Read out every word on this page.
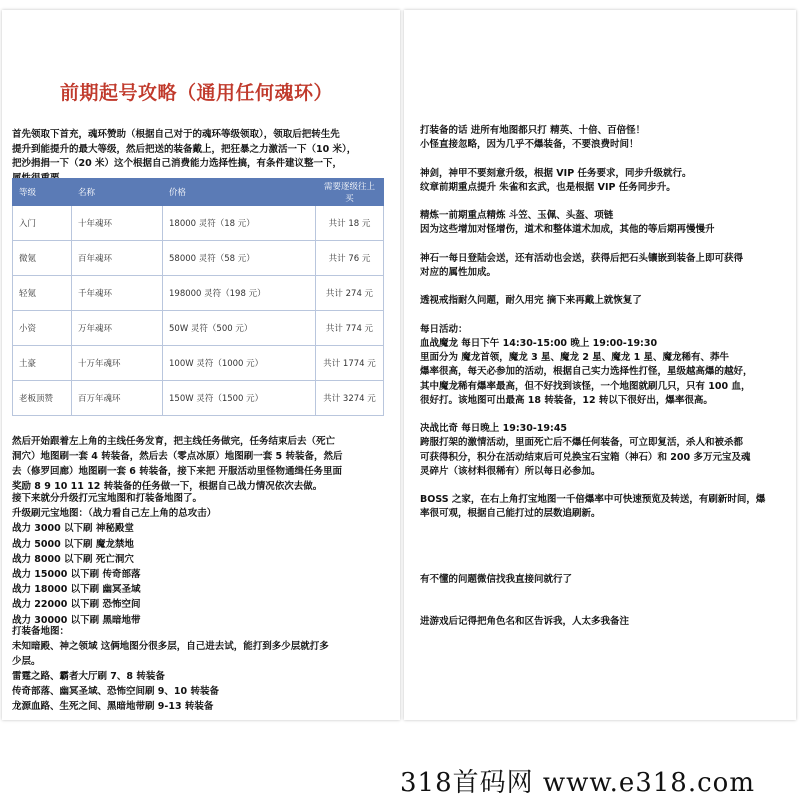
前期起号攻略（通用任何魂环）
首先领取下首充，魂环赞助（根据自己对于的魂环等级领取），领取后把转生先
提升到能提升的最大等级，然后把送的装备戴上，把狂暴之力激活一下（10 米），
把沙捐捐一下（20 米）这个根据自己消费能力选择性搞，有条件建议整一下，
等级	名称	价格	需要逐级往上买
入门	十年魂环	18000 灵符（18 元）	共计 18 元
微氪	百年魂环	58000 灵符（58 元）	共计 76 元
轻氪	千年魂环	198000 灵符（198 元）	共计 274 元
小资	万年魂环	50W 灵符（500 元）	共计 774 元
土豪	十万年魂环	100W 灵符（1000 元）	共计 1774 元
老板顶赞	百万年魂环	150W 灵符（1500 元）	共计 3274 元
然后开始跟着左上角的主线任务发育，把主线任务做完，任务结束后去（死亡
洞穴）地图刷一套 4 转装备，然后去（零点冰原）地图刷一套 5 转装备，然后
去（修罗回廊）地图刷一套 6 转装备，接下来把 开服活动里怪物通缉任务里面
奖励 8 9 10 11 12 转装备的任务做一下，根据自己战力情况依次去做。
接下来就分升级打元宝地图和打装备地图了。
升级刷元宝地图：（战力看自己左上角的总攻击）
战力 3000 以下刷 神秘殿堂
战力 5000 以下刷 魔龙禁地
战力 8000 以下刷 死亡洞穴
战力 15000 以下刷 传奇部落
战力 18000 以下刷 幽冥圣域
战力 22000 以下刷 恐怖空间
战力 30000 以下刷 黑暗地带
打装备地图：
未知暗殿、神之领域 这俩地图分很多层，自己进去试，能打到多少层就打多
少层。
雷霆之路、霸者大厅刷 7、8 转装备
传奇部落、幽冥圣域、恐怖空间刷 9、10 转装备
龙源血路、生死之间、黑暗地带刷 9-13 转装备
打装备的话 进所有地图都只打 精英、十倍、百倍怪！
小怪直接忽略，因为几乎不爆装备，不要浪费时间！
神剑，神甲不要刻意升级，根据 VIP 任务要求，同步升级就行。
纹章前期重点提升 朱雀和玄武，也是根据 VIP 任务同步升。
精炼一前期重点精炼 斗笠、玉佩、头盔、项链
因为这些增加对怪增伤，道术和整体道术加成，其他的等后期再慢慢升
神石一每日登陆会送，还有活动也会送，获得后把石头镶嵌到装备上即可获得
对应的属性加成。
透视戒指耐久问题，耐久用完 摘下来再戴上就恢复了
每日活动：
血战魔龙 每日下午 14:30-15:00 晚上 19:00-19:30
里面分为 魔龙首领，魔龙 3 星、魔龙 2 星、魔龙 1 星、魔龙稀有、莽牛
爆率很高，每天必参加的活动，根据自己实力选择性打怪，星级越高爆的越好，
其中魔龙稀有爆率最高，但不好找到该怪，一个地图就刷几只，只有 100 血，
很好打。该地图可出最高 18 转装备，12 转以下很好出，爆率很高。
决战比奇 每日晚上 19:30-19:45
跨服打架的激情活动，里面死亡后不爆任何装备，可立即复活，杀人和被杀都
可获得积分，积分在活动结束后可兑换宝石宝箱（神石）和 200 多万元宝及魂
灵碎片（该材料很稀有）所以每日必参加。
BOSS 之家，在右上角打宝地图一千倍爆率中可快速预览及转送，有刷新时间，爆
率很可观，根据自己能打过的层数追刷新。
有不懂的问题微信找我直接问就行了
进游戏后记得把角色名和区告诉我，人太多我备注
318首码网 www.e318.com
